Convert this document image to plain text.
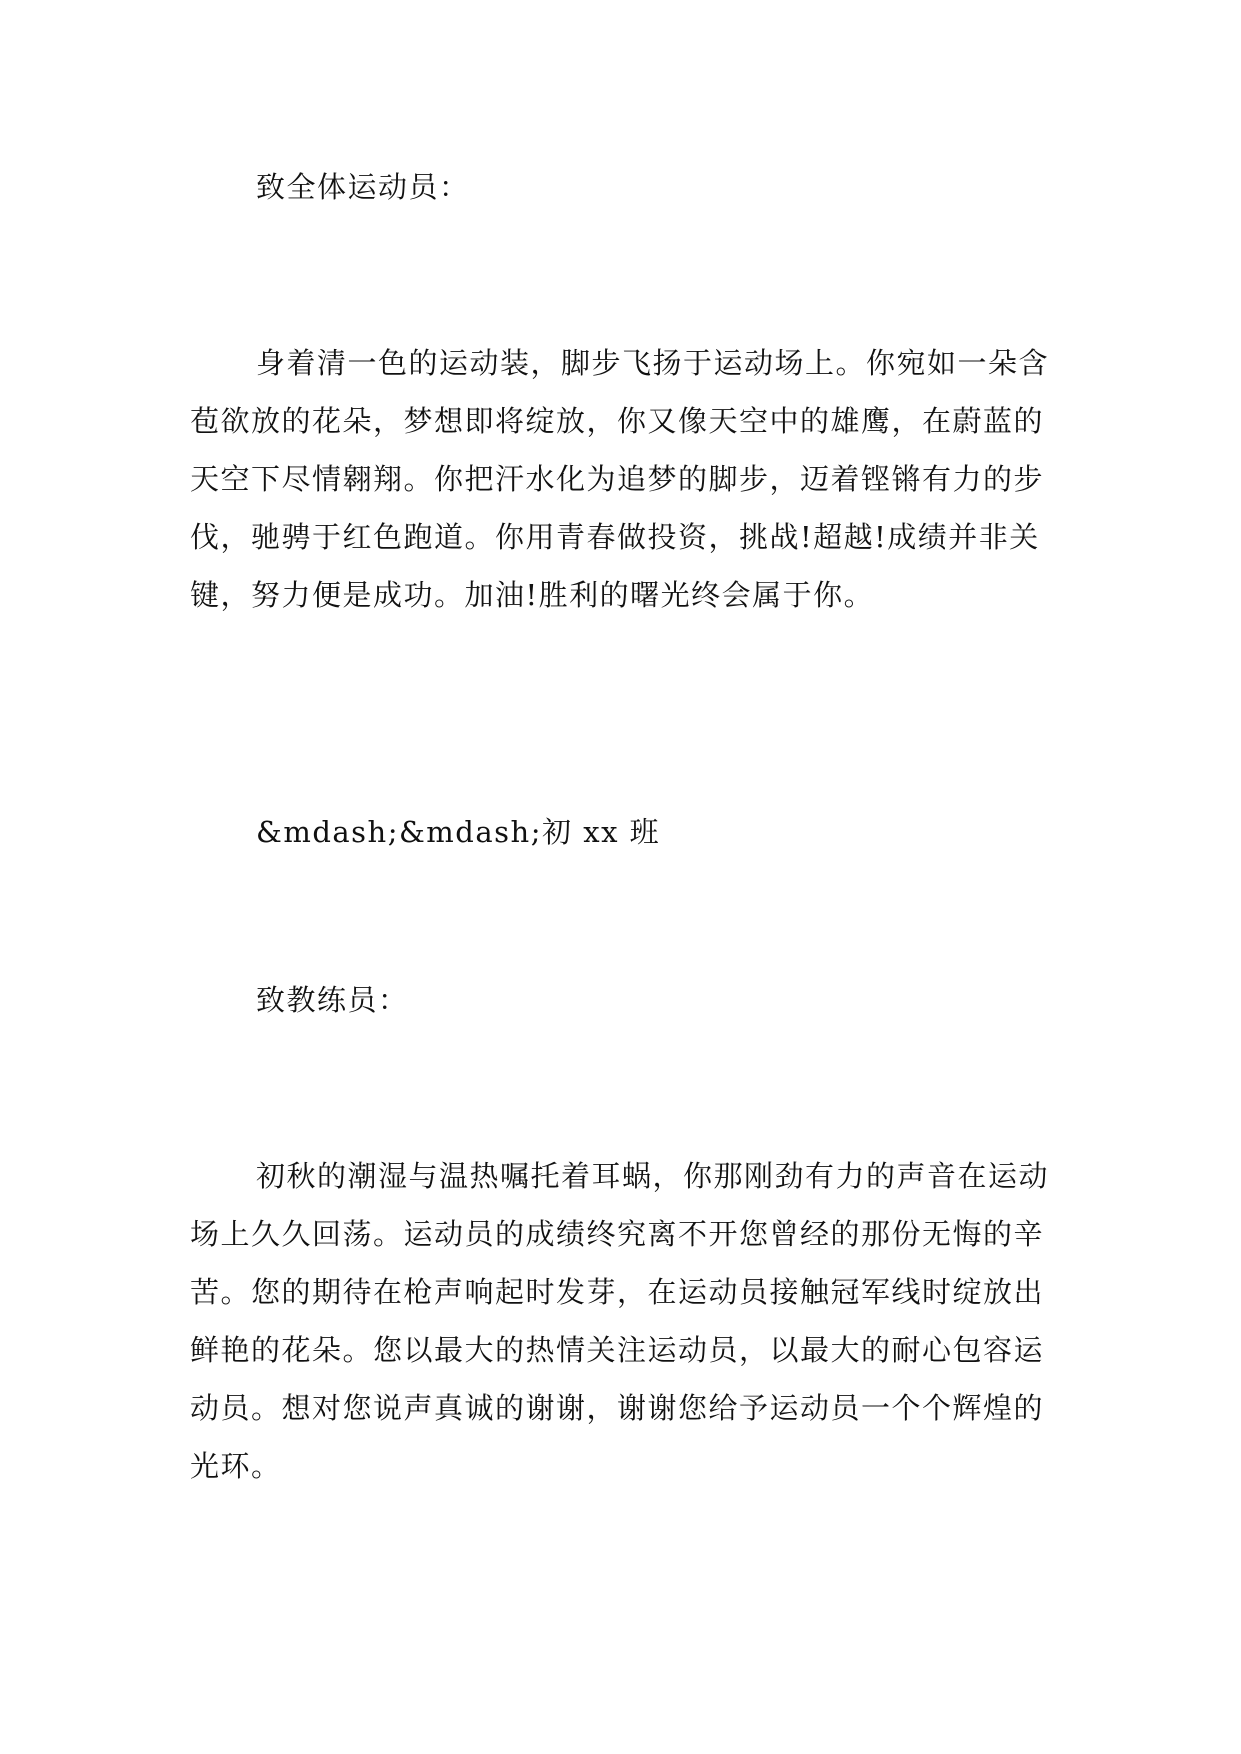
致全体运动员：

身着清一色的运动装，脚步飞扬于运动场上。你宛如一朵含苞欲放的花朵，梦想即将绽放，你又像天空中的雄鹰，在蔚蓝的天空下尽情翱翔。你把汗水化为追梦的脚步，迈着铿锵有力的步伐，驰骋于红色跑道。你用青春做投资，挑战!超越!成绩并非关键，努力便是成功。加油!胜利的曙光终会属于你。

&mdash;&mdash;初 xx 班

致教练员：

初秋的潮湿与温热嘱托着耳蜗，你那刚劲有力的声音在运动场上久久回荡。运动员的成绩终究离不开您曾经的那份无悔的辛苦。您的期待在枪声响起时发芽，在运动员接触冠军线时绽放出鲜艳的花朵。您以最大的热情关注运动员，以最大的耐心包容运动员。想对您说声真诚的谢谢，谢谢您给予运动员一个个辉煌的光环。
